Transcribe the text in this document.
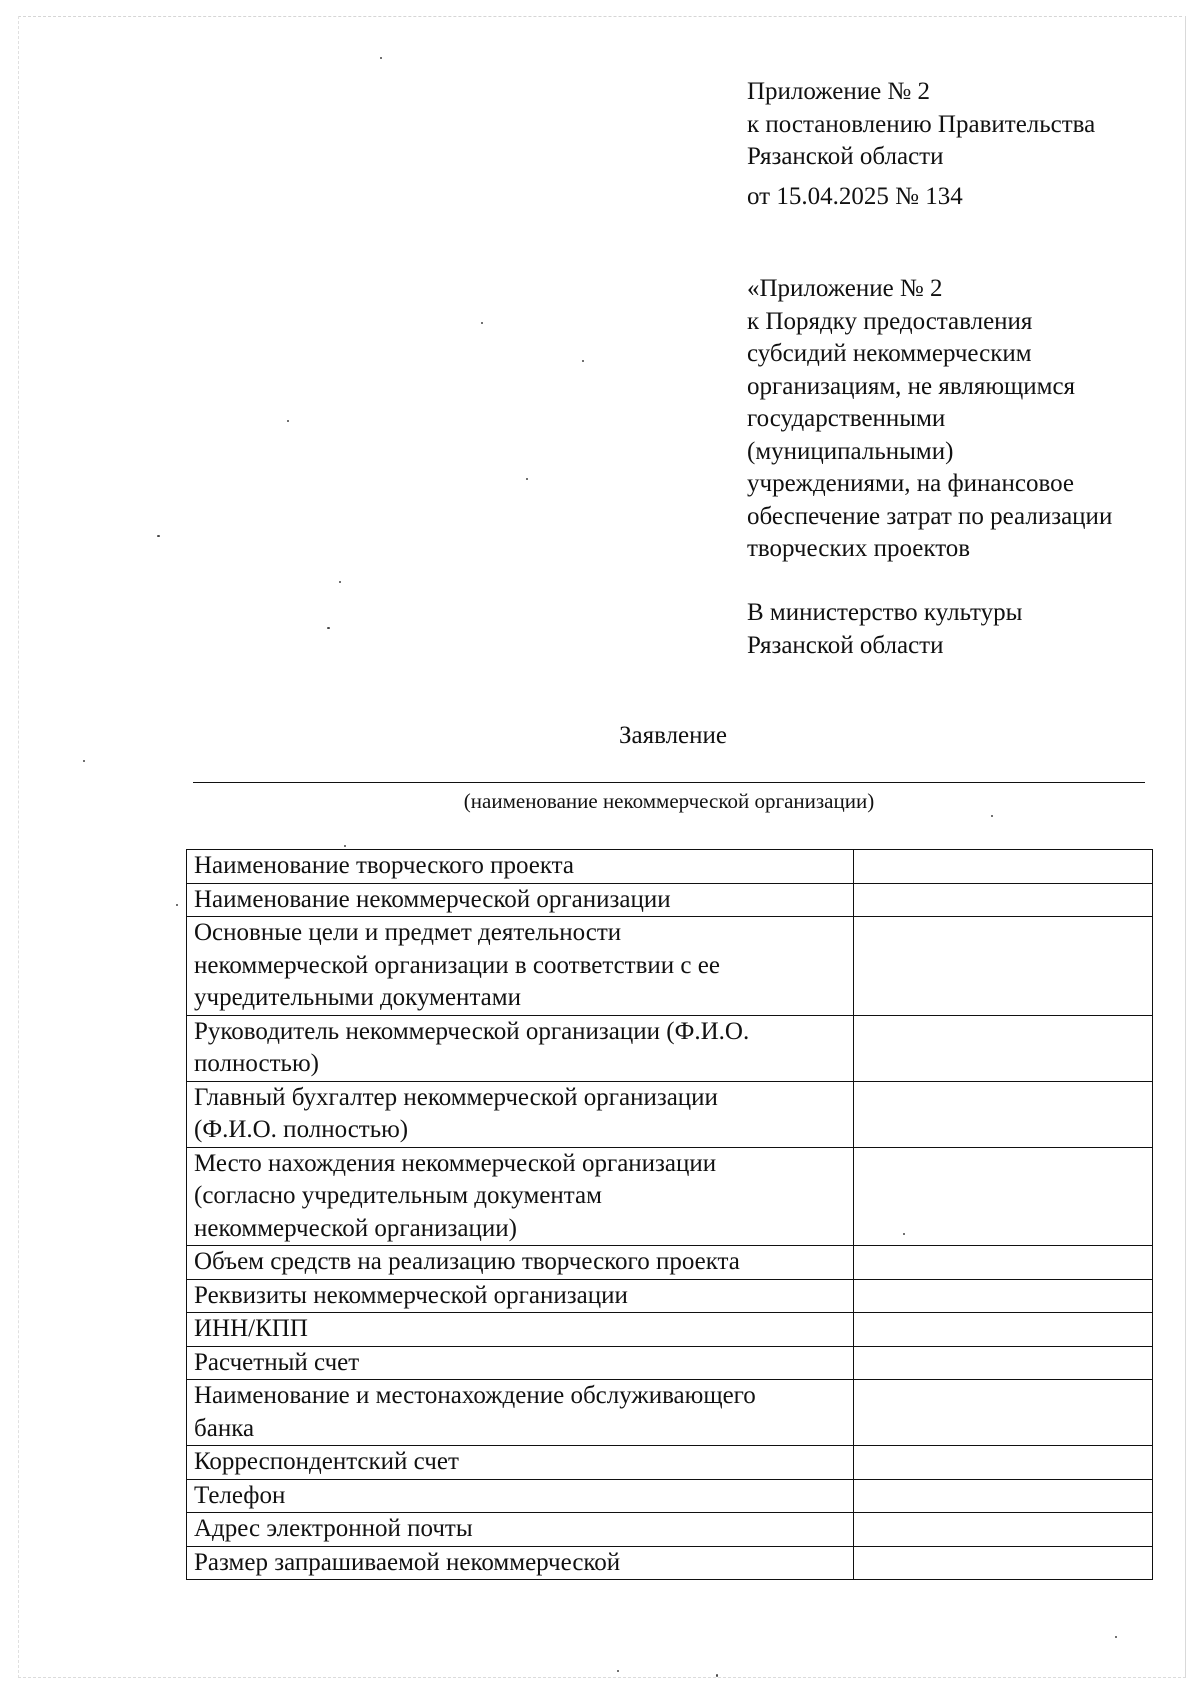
Приложение № 2
к постановлению Правительства
Рязанской области
от 15.04.2025 № 134
«Приложение № 2
к Порядку предоставления
субсидий некоммерческим
организациям, не являющимся
государственными
(муниципальными)
учреждениями, на финансовое
обеспечение затрат по реализации
творческих проектов
В министерство культуры
Рязанской области
Заявление
(наименование некоммерческой организации)
Наименование творческого проекта	

Наименование некоммерческой организации	

Основные цели и предмет деятельности
некоммерческой организации в соответствии с ее
учредительными документами	

Руководитель некоммерческой организации (Ф.И.О.
полностью)	

Главный бухгалтер некоммерческой организации
(Ф.И.О. полностью)	

Место нахождения некоммерческой организации
(согласно учредительным документам
некоммерческой организации)	

Объем средств на реализацию творческого проекта	

Реквизиты некоммерческой организации	

ИНН/КПП	

Расчетный счет	

Наименование и местонахождение обслуживающего
банка	

Корреспондентский счет	

Телефон	

Адрес электронной почты	

Размер запрашиваемой некоммерческой	
